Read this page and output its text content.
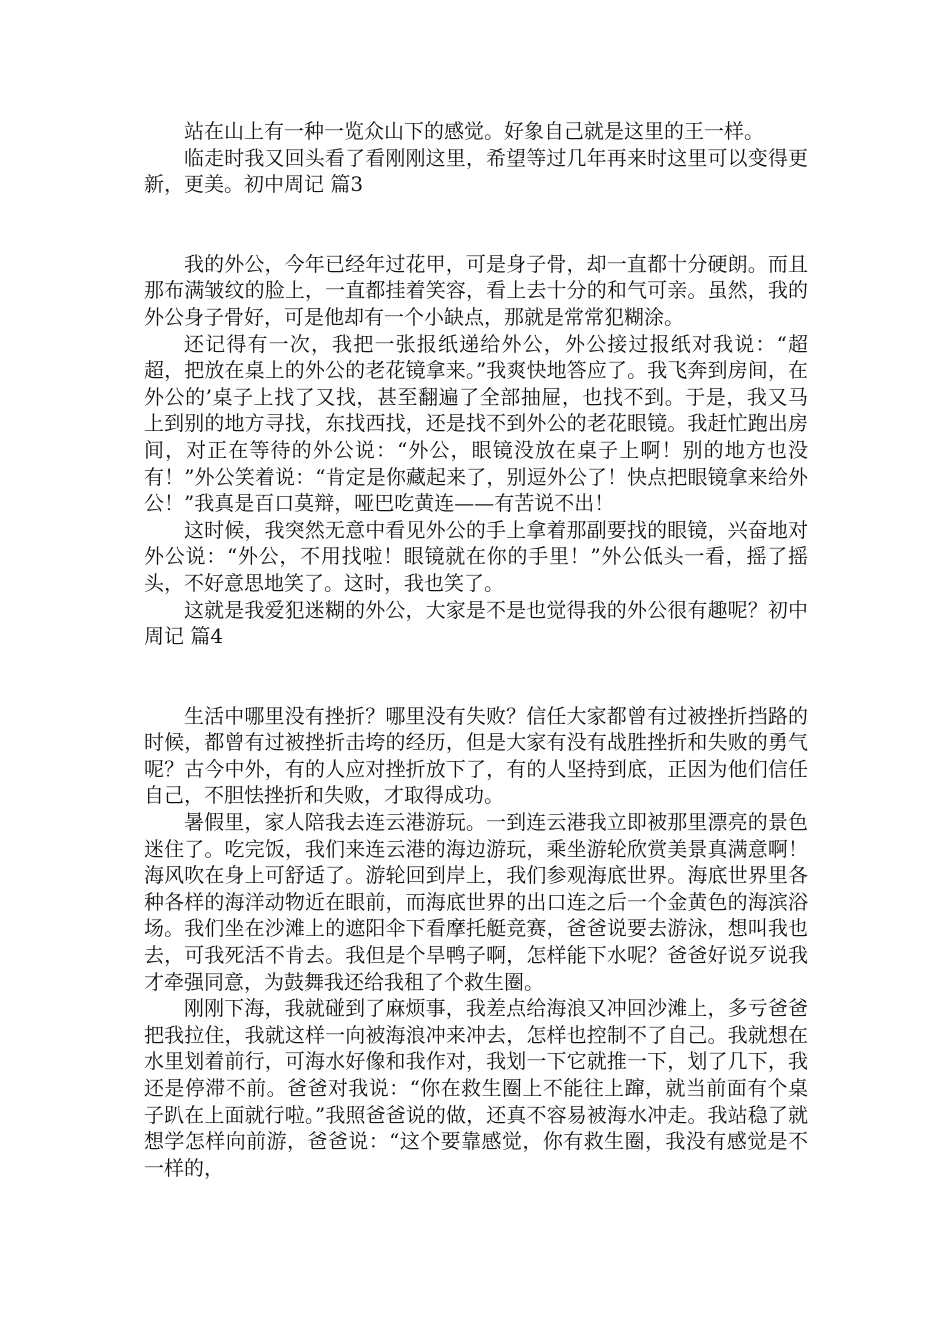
站在山上有一种一览众山下的感觉。好象自己就是这里的王一样。

临走时我又回头看了看刚刚这里，希望等过几年再来时这里可以变得更新，更美。初中周记 篇3

我的外公，今年已经年过花甲，可是身子骨，却一直都十分硬朗。而且那布满皱纹的脸上，一直都挂着笑容，看上去十分的和气可亲。虽然，我的外公身子骨好，可是他却有一个小缺点，那就是常常犯糊涂。

还记得有一次，我把一张报纸递给外公，外公接过报纸对我说：“超超，把放在桌上的外公的老花镜拿来。”我爽快地答应了。我飞奔到房间，在外公的’桌子上找了又找，甚至翻遍了全部抽屉，也找不到。于是，我又马上到别的地方寻找，东找西找，还是找不到外公的老花眼镜。我赶忙跑出房间，对正在等待的外公说：“外公，眼镜没放在桌子上啊！别的地方也没有！”外公笑着说：“肯定是你藏起来了，别逗外公了！快点把眼镜拿来给外公！”我真是百口莫辩，哑巴吃黄连——有苦说不出！

这时候，我突然无意中看见外公的手上拿着那副要找的眼镜，兴奋地对外公说：“外公，不用找啦！眼镜就在你的手里！”外公低头一看，摇了摇头，不好意思地笑了。这时，我也笑了。

这就是我爱犯迷糊的外公，大家是不是也觉得我的外公很有趣呢？初中周记 篇4

生活中哪里没有挫折？哪里没有失败？信任大家都曾有过被挫折挡路的时候，都曾有过被挫折击垮的经历，但是大家有没有战胜挫折和失败的勇气呢？古今中外，有的人应对挫折放下了，有的人坚持到底，正因为他们信任自己，不胆怯挫折和失败，才取得成功。

暑假里，家人陪我去连云港游玩。一到连云港我立即被那里漂亮的景色迷住了。吃完饭，我们来连云港的海边游玩，乘坐游轮欣赏美景真满意啊！海风吹在身上可舒适了。游轮回到岸上，我们参观海底世界。海底世界里各种各样的海洋动物近在眼前，而海底世界的出口连之后一个金黄色的海滨浴场。我们坐在沙滩上的遮阳伞下看摩托艇竞赛，爸爸说要去游泳，想叫我也去，可我死活不肯去。我但是个旱鸭子啊，怎样能下水呢？爸爸好说歹说我才牵强同意，为鼓舞我还给我租了个救生圈。

刚刚下海，我就碰到了麻烦事，我差点给海浪又冲回沙滩上，多亏爸爸把我拉住，我就这样一向被海浪冲来冲去，怎样也控制不了自己。我就想在水里划着前行，可海水好像和我作对，我划一下它就推一下，划了几下，我还是停滞不前。爸爸对我说：“你在救生圈上不能往上蹿，就当前面有个桌子趴在上面就行啦。”我照爸爸说的做，还真不容易被海水冲走。我站稳了就想学怎样向前游，爸爸说：“这个要靠感觉，你有救生圈，我没有感觉是不一样的，
